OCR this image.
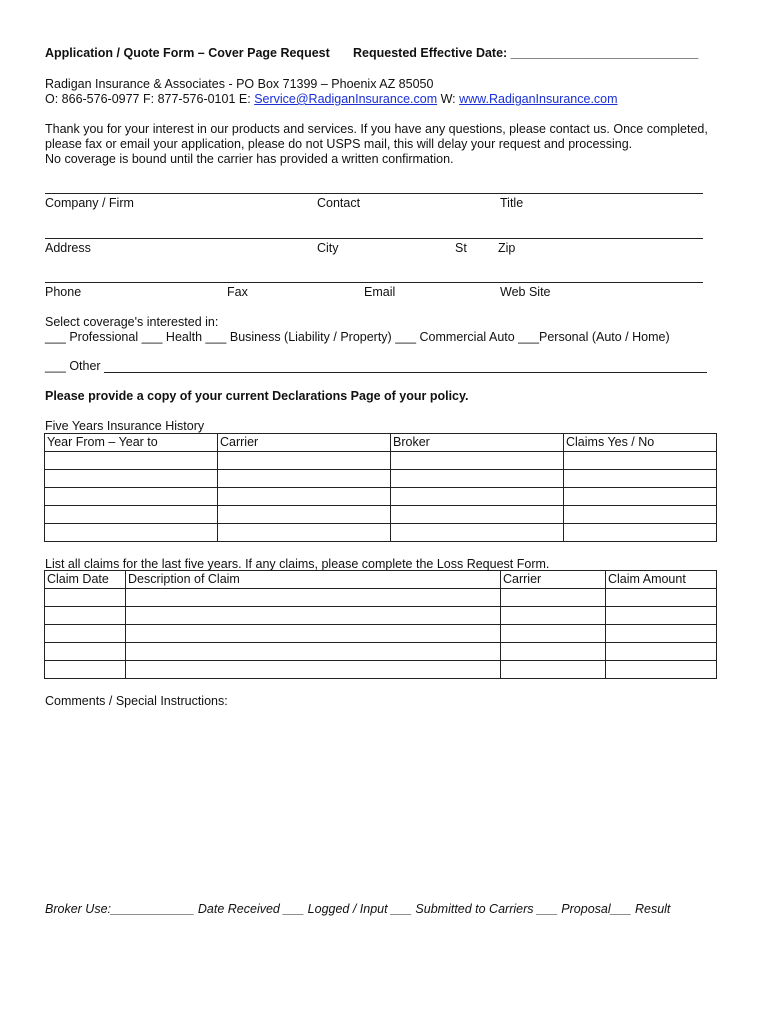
Application / Quote Form – Cover Page Request Requested Effective Date: ___________________________
Radigan Insurance & Associates - PO Box 71399 – Phoenix AZ 85050
O: 866-576-0977 F: 877-576-0101 E: Service@RadiganInsurance.com W: www.RadiganInsurance.com
Thank you for your interest in our products and services. If you have any questions, please contact us. Once completed,
please fax or email your application, please do not USPS mail, this will delay your request and processing.
No coverage is bound until the carrier has provided a written confirmation.
Company / Firm	Contact	Title
Address	City	St Zip
Phone	Fax	Email	Web Site
Select coverage's interested in:
___ Professional ___ Health ___ Business (Liability / Property) ___ Commercial Auto ___Personal (Auto / Home)
___ Other
Please provide a copy of your current Declarations Page of your policy.
Five Years Insurance History
Year From – Year to	Carrier	Broker	Claims Yes / No

List all claims for the last five years. If any claims, please complete the Loss Request Form.
Claim Date	Description of Claim	Carrier	Claim Amount

Comments / Special Instructions:
Broker Use:____________ Date Received ___ Logged / Input ___ Submitted to Carriers ___ Proposal___ Result
